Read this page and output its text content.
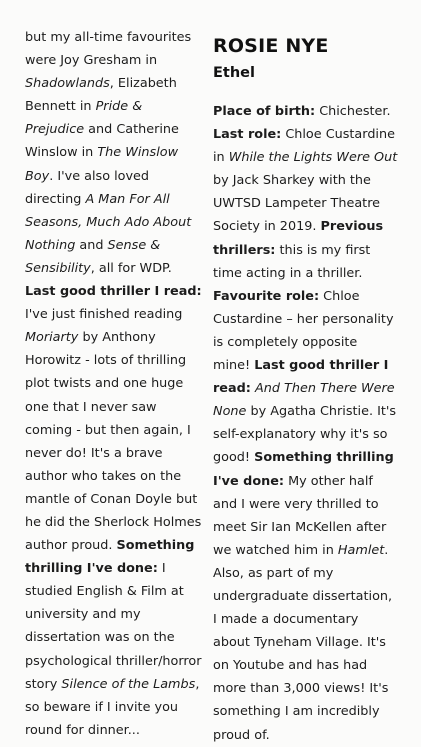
but my all-time favourites were Joy Gresham in Shadowlands, Elizabeth Bennett in Pride & Prejudice and Catherine Winslow in The Winslow Boy. I've also loved directing A Man For All Seasons, Much Ado About Nothing and Sense & Sensibility, all for WDP. Last good thriller I read: I've just finished reading Moriarty by Anthony Horowitz - lots of thrilling plot twists and one huge one that I never saw coming - but then again, I never do! It's a brave author who takes on the mantle of Conan Doyle but he did the Sherlock Holmes author proud. Something thrilling I've done: I studied English & Film at university and my dissertation was on the psychological thriller/horror story Silence of the Lambs, so beware if I invite you round for dinner...

ROSIE NYE
Ethel

Place of birth: Chichester. Last role: Chloe Custardine in While the Lights Were Out by Jack Sharkey with the UWTSD Lampeter Theatre Society in 2019. Previous thrillers: this is my first time acting in a thriller. Favourite role: Chloe Custardine – her personality is completely opposite mine! Last good thriller I read: And Then There Were None by Agatha Christie. It's self-explanatory why it's so good! Something thrilling I've done: My other half and I were very thrilled to meet Sir Ian McKellen after we watched him in Hamlet. Also, as part of my undergraduate dissertation, I made a documentary about Tyneham Village. It's on Youtube and has had more than 3,000 views! It's something I am incredibly proud of.
